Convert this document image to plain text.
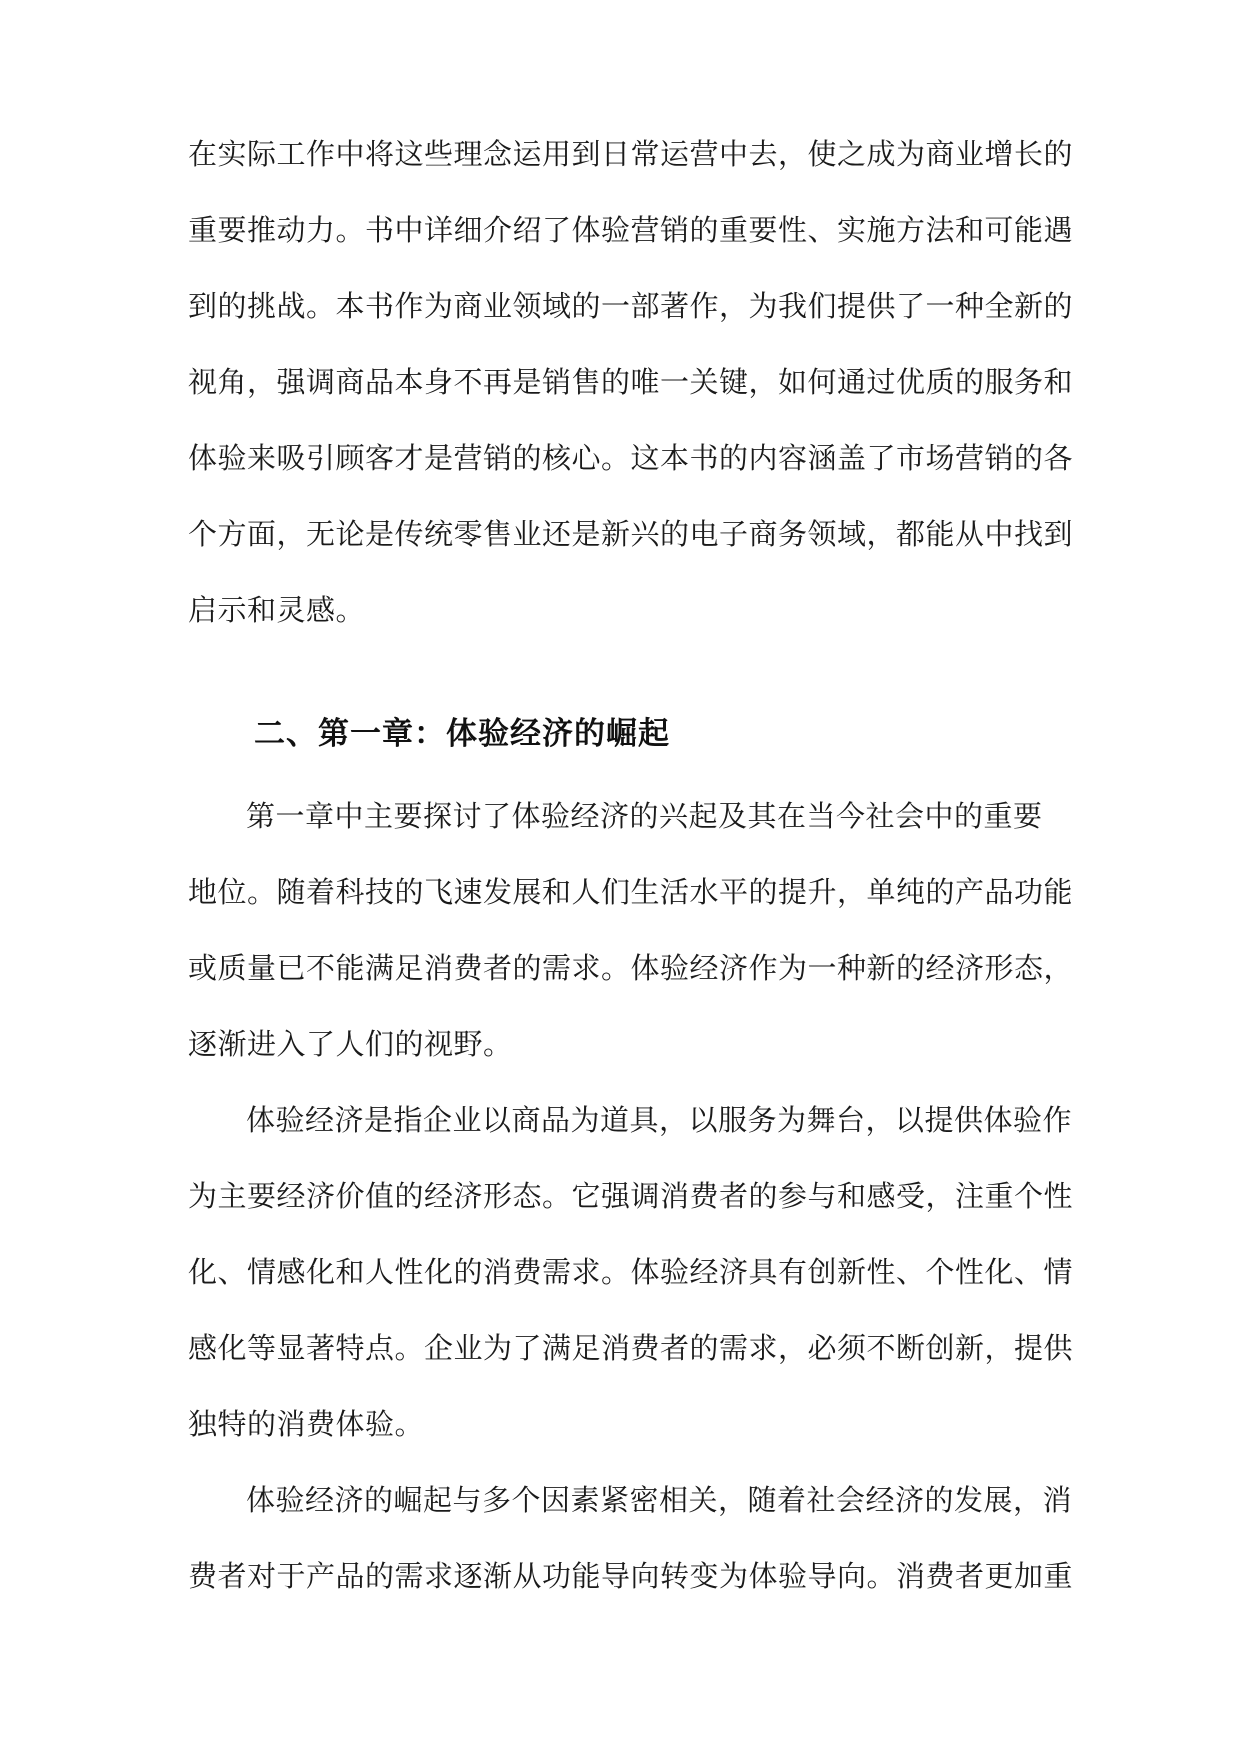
在实际工作中将这些理念运用到日常运营中去，使之成为商业增长的
重要推动力。书中详细介绍了体验营销的重要性、实施方法和可能遇
到的挑战。本书作为商业领域的一部著作，为我们提供了一种全新的
视角，强调商品本身不再是销售的唯一关键，如何通过优质的服务和
体验来吸引顾客才是营销的核心。这本书的内容涵盖了市场营销的各
个方面，无论是传统零售业还是新兴的电子商务领域，都能从中找到
启示和灵感。
二、第一章：体验经济的崛起
第一章中主要探讨了体验经济的兴起及其在当今社会中的重要
地位。随着科技的飞速发展和人们生活水平的提升，单纯的产品功能
或质量已不能满足消费者的需求。体验经济作为一种新的经济形态，
逐渐进入了人们的视野。
体验经济是指企业以商品为道具，以服务为舞台，以提供体验作
为主要经济价值的经济形态。它强调消费者的参与和感受，注重个性
化、情感化和人性化的消费需求。体验经济具有创新性、个性化、情
感化等显著特点。企业为了满足消费者的需求，必须不断创新，提供
独特的消费体验。
体验经济的崛起与多个因素紧密相关，随着社会经济的发展，消
费者对于产品的需求逐渐从功能导向转变为体验导向。消费者更加重
